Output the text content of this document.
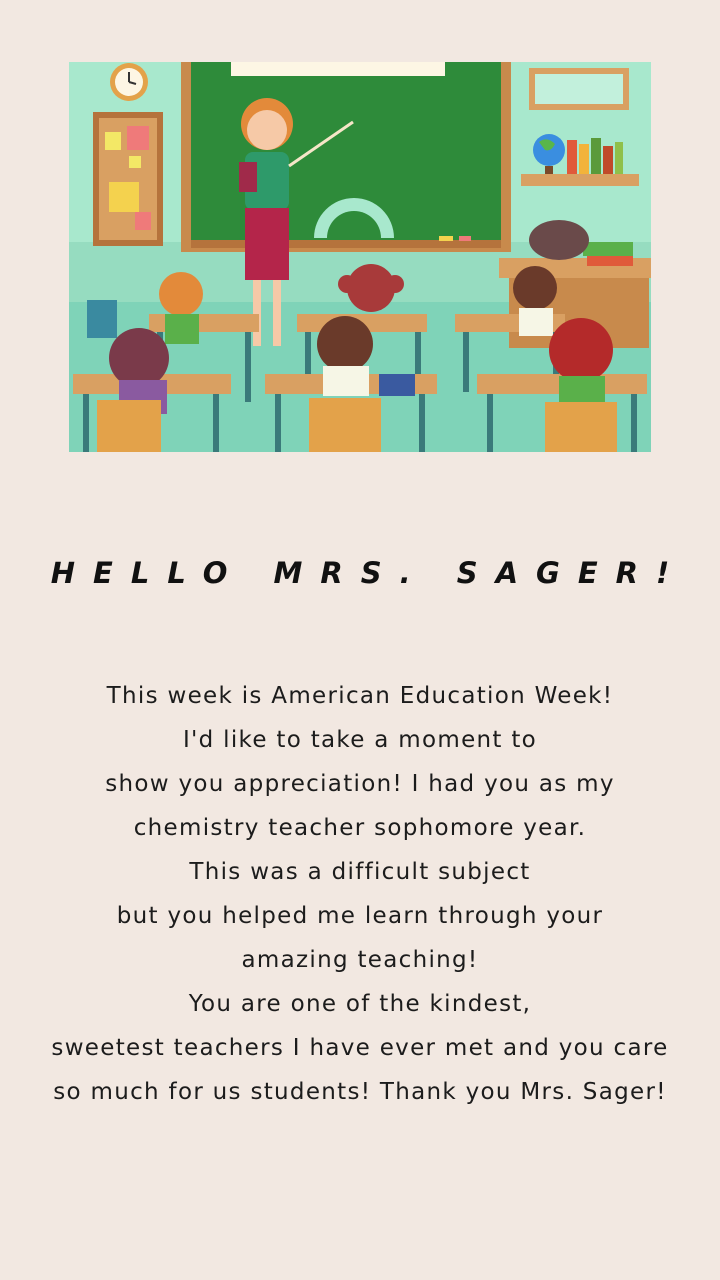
HELLO MRS. SAGER!
This week is American Education Week!
I'd like to take a moment to
show you appreciation! I had you as my
chemistry teacher sophomore year.
This was a difficult subject
but you helped me learn through your
amazing teaching!
You are one of the kindest,
sweetest teachers I have ever met and you care
so much for us students! Thank you Mrs. Sager!
